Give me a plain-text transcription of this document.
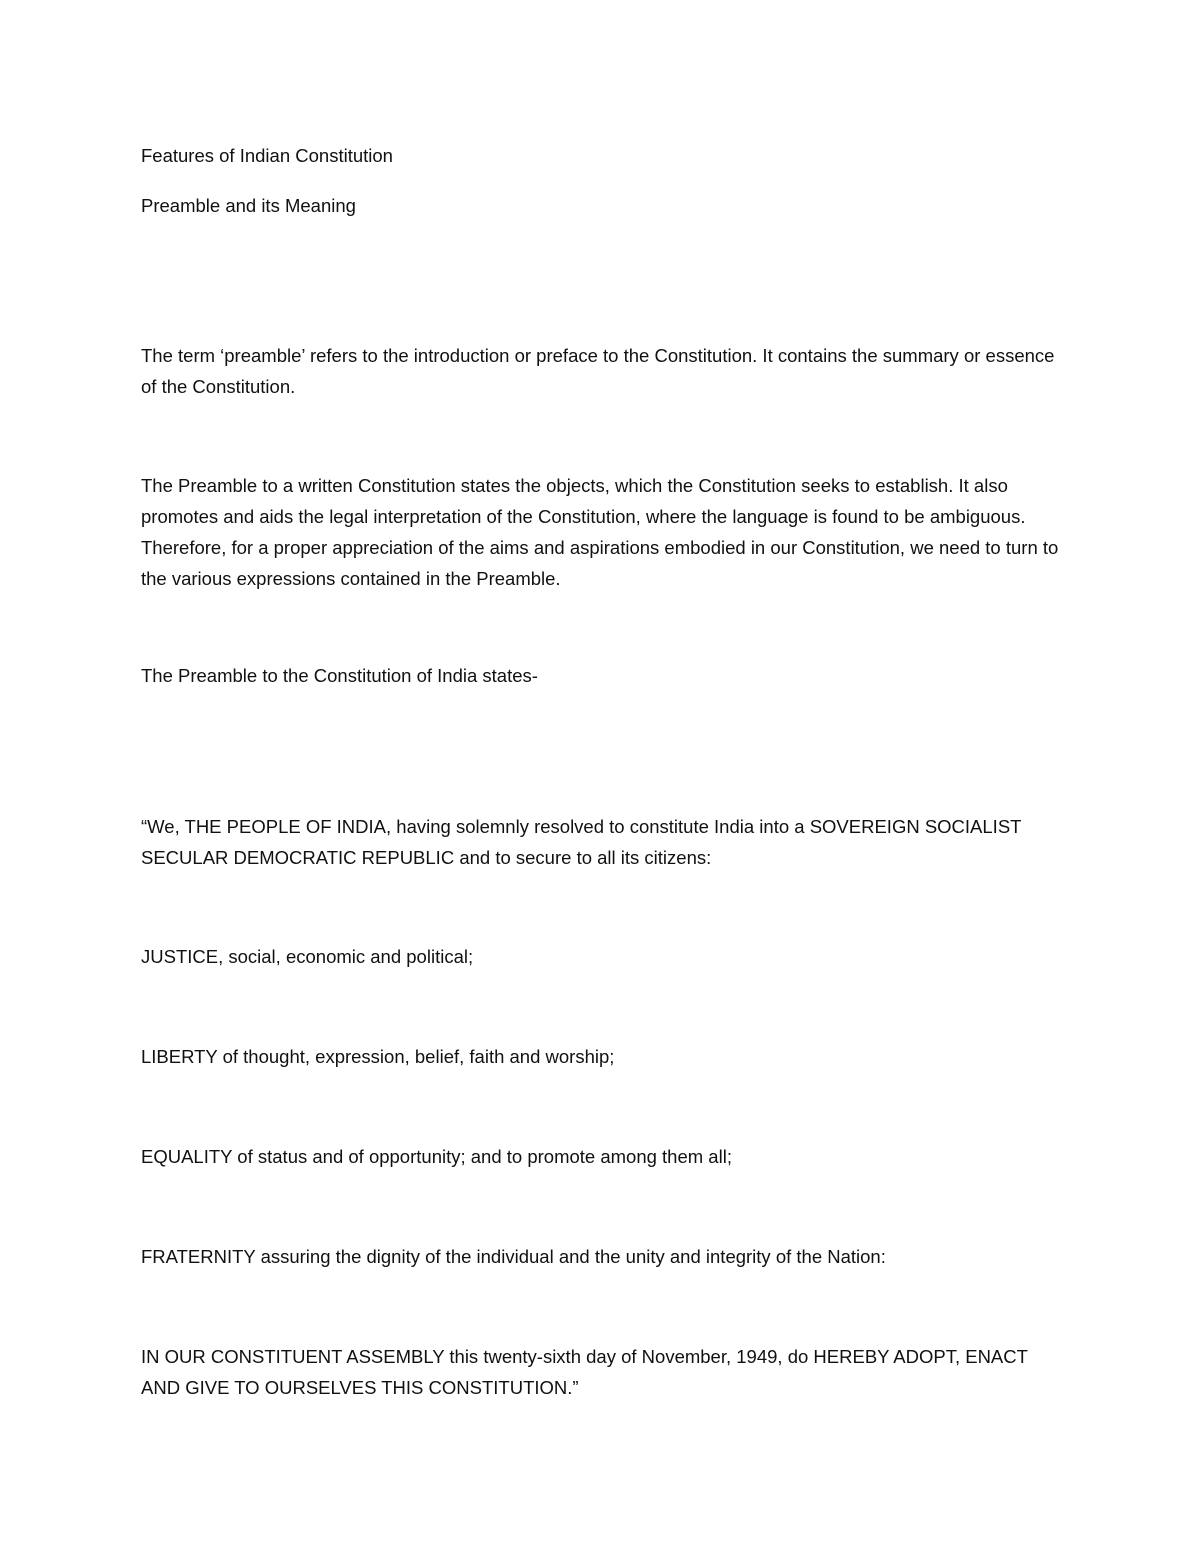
Features of Indian Constitution

Preamble and its Meaning

The term ‘preamble’ refers to the introduction or preface to the Constitution. It contains the summary or essence of the Constitution.

The Preamble to a written Constitution states the objects, which the Constitution seeks to establish. It also promotes and aids the legal interpretation of the Constitution, where the language is found to be ambiguous. Therefore, for a proper appreciation of the aims and aspirations embodied in our Constitution, we need to turn to the various expressions contained in the Preamble.

The Preamble to the Constitution of India states-

“We, THE PEOPLE OF INDIA, having solemnly resolved to constitute India into a SOVEREIGN SOCIALIST SECULAR DEMOCRATIC REPUBLIC and to secure to all its citizens:

JUSTICE, social, economic and political;

LIBERTY of thought, expression, belief, faith and worship;

EQUALITY of status and of opportunity; and to promote among them all;

FRATERNITY assuring the dignity of the individual and the unity and integrity of the Nation:

IN OUR CONSTITUENT ASSEMBLY this twenty-sixth day of November, 1949, do HEREBY ADOPT, ENACT AND GIVE TO OURSELVES THIS CONSTITUTION.”
